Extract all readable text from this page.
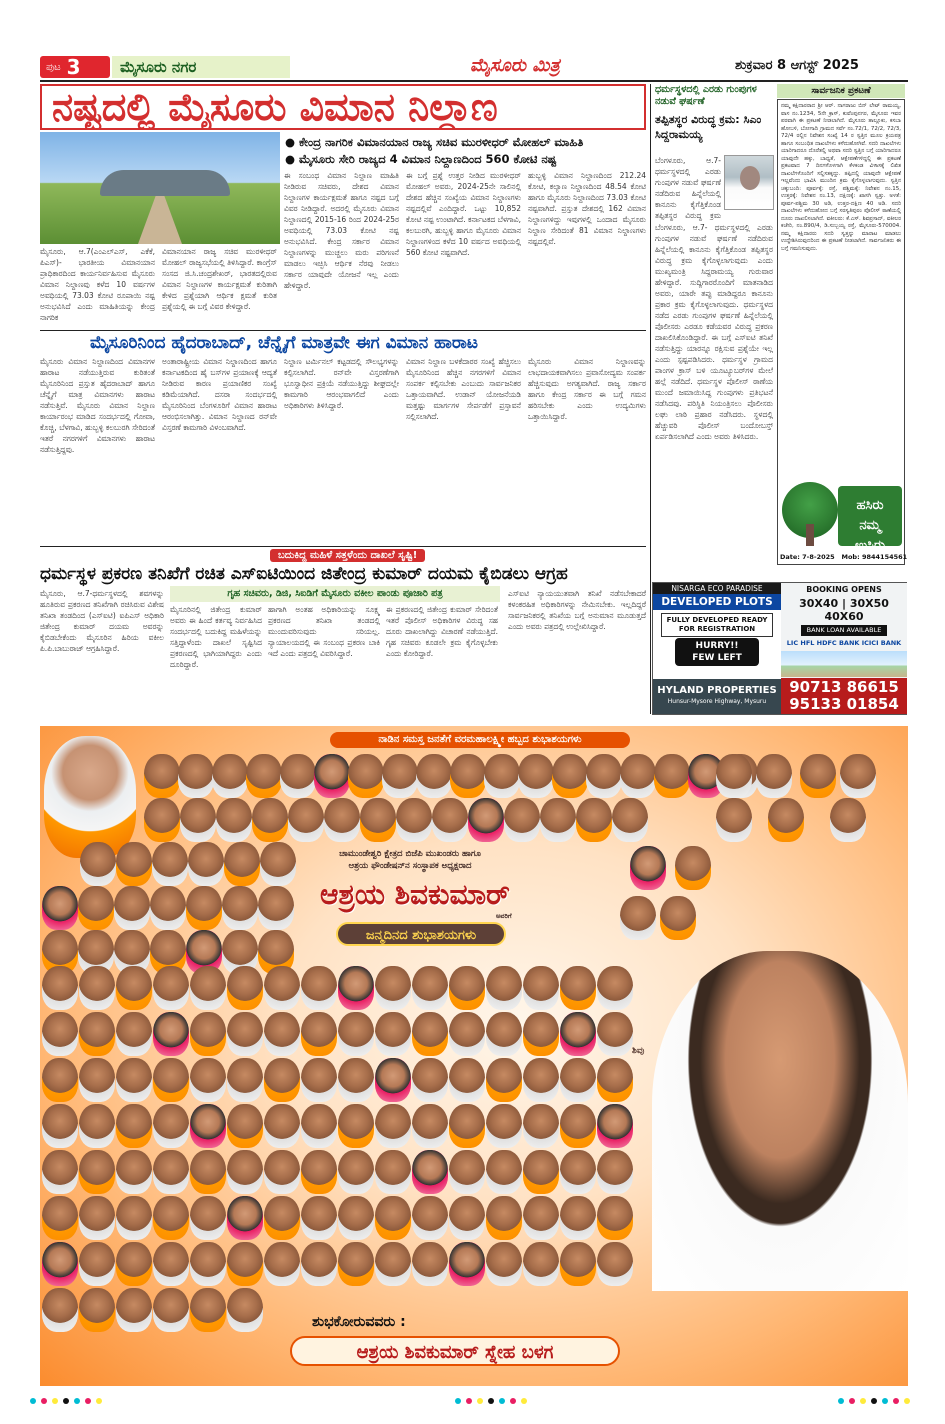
ಪುಟ 3	ಮೈಸೂರು ನಗರ	ಮೈಸೂರು ಮಿತ್ರ	ಶುಕ್ರವಾರ 8 ಆಗಸ್ಟ್ 2025
ನಷ್ಟದಲ್ಲಿ ಮೈಸೂರು ವಿಮಾನ ನಿಲ್ದಾಣ
● ಕೇಂದ್ರ ನಾಗರಿಕ ವಿಮಾನಯಾನ ರಾಜ್ಯ ಸಚಿವ ಮುರಳೀಧರ್ ಮೋಹಲ್ ಮಾಹಿತಿ
● ಮೈಸೂರು ಸೇರಿ ರಾಜ್ಯದ 4 ವಿಮಾನ ನಿಲ್ದಾಣದಿಂದ 560 ಕೋಟಿ ನಷ್ಟ
ಮೈಸೂರು, ಆ.7(ಎಂಎಲ್‌ಎಸ್, ಎಕೆಕೆ, ಪಿಎಸ್)- ಭಾರತೀಯ ವಿಮಾನಯಾನ ಪ್ರಾಧಿಕಾರದಿಂದ ಕಾರ್ಯನಿರ್ವಹಿಸುವ ಮೈಸೂರು ವಿಮಾನ ನಿಲ್ದಾಣವು ಕಳೆದ 10 ವರ್ಷಗಳ ಅವಧಿಯಲ್ಲಿ 73.03 ಕೋಟಿ ರೂಪಾಯಿ ನಷ್ಟ ಅನುಭವಿಸಿದೆ ಎಂದು ಮಾಹಿತಿಯನ್ನು ಕೇಂದ್ರ ನಾಗರಿಕ
ವಿಮಾನಯಾನ ರಾಜ್ಯ ಸಚಿವ ಮುರಳೀಧರ್ ಮೋಹಲ್ ರಾಜ್ಯಸಭೆಯಲ್ಲಿ ತಿಳಿಸಿದ್ದಾರೆ. ಕಾಂಗ್ರೆಸ್ ಸಂಸದ ಜಿ.ಸಿ.ಚಂದ್ರಶೇಖರ್, ಭಾರತದಲ್ಲಿರುವ ವಿಮಾನ ನಿಲ್ದಾಣಗಳ ಕಾರ್ಯಕ್ಷಮತೆ ಕುರಿತಾಗಿ ಕೇಳಿದ ಪ್ರಶ್ನೆಯಾಗಿ ಆರ್ಥಿಕ ಕ್ಷಮತೆ ಕುರಿತ ಪ್ರಶ್ನೆಯಲ್ಲಿ ಈ ಬಗ್ಗೆ ವಿವರ ಕೇಳಿದ್ದಾರೆ.
ಈ ಸಂಬಂಧ ವಿಮಾನ ನಿಲ್ದಾಣ ಮಾಹಿತಿ ನೀಡಿರುವ ಸಚಿವರು, ದೇಶದ ವಿಮಾನ ನಿಲ್ದಾಣಗಳ ಕಾರ್ಯಕ್ಷಮತೆ ಹಾಗೂ ನಷ್ಟದ ಬಗ್ಗೆ ವಿವರ ನೀಡಿದ್ದಾರೆ. ಅದರಲ್ಲಿ ಮೈಸೂರು ವಿಮಾನ ನಿಲ್ದಾಣದಲ್ಲಿ 2015-16 ರಿಂದ 2024-25ರ ಅವಧಿಯಲ್ಲಿ 73.03 ಕೋಟಿ ನಷ್ಟ ಅನುಭವಿಸಿದೆ. ಕೇಂದ್ರ ಸರ್ಕಾರ ವಿಮಾನ ನಿಲ್ದಾಣಗಳನ್ನು ಮುಚ್ಚಲು ಮರು ಪರಿಗಣನೆ ಮಾಡಲು ಇಚ್ಛಿಸಿ ಆರ್ಥಿಕ ನೆರವು ನೀಡಲು ಸರ್ಕಾರ ಯಾವುದೇ ಯೋಜನೆ ಇಲ್ಲ ಎಂದು ಹೇಳಿದ್ದಾರೆ.
ಈ ಬಗ್ಗೆ ಪ್ರಶ್ನೆ ಉತ್ತರ ನೀಡಿದ ಮುರಳೀಧರ್ ಮೋಹಲ್ ಅವರು, 2024-25ನೇ ಸಾಲಿನಲ್ಲಿ ದೇಶದ ಹೆಚ್ಚಿನ ಸಂಖ್ಯೆಯ ವಿಮಾನ ನಿಲ್ದಾಣಗಳು ನಷ್ಟದಲ್ಲಿವೆ ಎಂದಿದ್ದಾರೆ. ಒಟ್ಟು 10,852 ಕೋಟಿ ನಷ್ಟ ಉಂಟಾಗಿದೆ. ಕರ್ನಾಟಕದ ಬೆಳಗಾವಿ, ಕಲಬುರಗಿ, ಹುಬ್ಬಳ್ಳಿ ಹಾಗೂ ಮೈಸೂರು ವಿಮಾನ ನಿಲ್ದಾಣಗಳಿಂದ ಕಳೆದ 10 ವರ್ಷದ ಅವಧಿಯಲ್ಲಿ 560 ಕೋಟಿ ನಷ್ಟವಾಗಿದೆ.
ಹುಬ್ಬಳ್ಳಿ ವಿಮಾನ ನಿಲ್ದಾಣದಿಂದ 212.24 ಕೋಟಿ, ಕಲ್ಯಾಣ ನಿಲ್ದಾಣದಿಂದ 48.54 ಕೋಟಿ ಹಾಗೂ ಮೈಸೂರು ನಿಲ್ದಾಣದಿಂದ 73.03 ಕೋಟಿ ನಷ್ಟವಾಗಿದೆ. ಪ್ರಸ್ತುತ ದೇಶದಲ್ಲಿ 162 ವಿಮಾನ ನಿಲ್ದಾಣಗಳಿದ್ದು ಇವುಗಳಲ್ಲಿ ಒಂದಾದ ಮೈಸೂರು ನಿಲ್ದಾಣ ಸೇರಿದಂತೆ 81 ವಿಮಾನ ನಿಲ್ದಾಣಗಳು ನಷ್ಟದಲ್ಲಿವೆ.
ಮೈಸೂರಿನಿಂದ ಹೈದರಾಬಾದ್, ಚೆನ್ನೈಗೆ ಮಾತ್ರವೇ ಈಗ ವಿಮಾನ ಹಾರಾಟ
ಮೈಸೂರು ವಿಮಾನ ನಿಲ್ದಾಣದಿಂದ ವಿಮಾನಗಳ ಹಾರಾಟ ನಡೆಯುತ್ತಿರುವ ಕುರಿತಂತೆ ಮೈಸೂರಿನಿಂದ ಪ್ರಸ್ತುತ ಹೈದರಾಬಾದ್ ಹಾಗೂ ಚೆನ್ನೈಗೆ ಮಾತ್ರ ವಿಮಾನಗಳು ಹಾರಾಟ ನಡೆಸುತ್ತಿವೆ. ಮೈಸೂರು ವಿಮಾನ ನಿಲ್ದಾಣ ಕಾರ್ಯಾರಂಭ ಮಾಡಿದ ಸಂದರ್ಭದಲ್ಲಿ ಗೋವಾ, ಕೊಚ್ಚಿ, ಬೆಳಗಾವಿ, ಹುಬ್ಬಳ್ಳಿ ಕಲಬುರಗಿ ಸೇರಿದಂತೆ ಇತರೆ ನಗರಗಳಿಗೆ ವಿಮಾನಗಳು ಹಾರಾಟ ನಡೆಸುತ್ತಿದ್ದವು.
ಅಂತಾರಾಷ್ಟ್ರೀಯ ವಿಮಾನ ನಿಲ್ದಾಣದಿಂದ ಹಾಗೂ ಕರ್ನಾಟಕದಿಂದ ಹೈ ಬಸ್‌ಗಳ ಪ್ರಯಾಣಕ್ಕೆ ಆದ್ಯತೆ ನೀಡಿರುವ ಕಾರಣ ಪ್ರಯಾಣಿಕರ ಸಂಖ್ಯೆ ಕಡಿಮೆಯಾಗಿದೆ. ದಸರಾ ಸಂದರ್ಭದಲ್ಲಿ ಮೈಸೂರಿನಿಂದ ಬೆಂಗಳೂರಿಗೆ ವಿಮಾನ ಹಾರಾಟ ಆರಂಭಿಸಲಾಗಿತ್ತು. ವಿಮಾನ ನಿಲ್ದಾಣದ ರನ್‌ವೇ ವಿಸ್ತರಣೆ ಕಾಮಗಾರಿ ವಿಳಂಬವಾಗಿದೆ.
ನಿಲ್ದಾಣ ಟರ್ಮಿನಲ್ ಕಟ್ಟಡದಲ್ಲಿ ಸೌಲಭ್ಯಗಳನ್ನು ಕಲ್ಪಿಸಲಾಗಿದೆ. ರನ್‌ವೇ ವಿಸ್ತರಣೆಗಾಗಿ ಭೂಸ್ವಾಧೀನ ಪ್ರಕ್ರಿಯೆ ನಡೆಯುತ್ತಿದ್ದು ಶೀಘ್ರದಲ್ಲೇ ಕಾಮಗಾರಿ ಆರಂಭವಾಗಲಿದೆ ಎಂದು ಅಧಿಕಾರಿಗಳು ತಿಳಿಸಿದ್ದಾರೆ.
ವಿಮಾನ ನಿಲ್ದಾಣ ಬಳಕೆದಾರರ ಸಂಖ್ಯೆ ಹೆಚ್ಚಿಸಲು ಮೈಸೂರಿನಿಂದ ಹೆಚ್ಚಿನ ನಗರಗಳಿಗೆ ವಿಮಾನ ಸಂಪರ್ಕ ಕಲ್ಪಿಸಬೇಕು ಎಂಬುದು ಸಾರ್ವಜನಿಕರ ಒತ್ತಾಯವಾಗಿದೆ. ಉಡಾನ್ ಯೋಜನೆಯಡಿ ಮತ್ತಷ್ಟು ಮಾರ್ಗಗಳ ಸೇರ್ಪಡೆಗೆ ಪ್ರಸ್ತಾವನೆ ಸಲ್ಲಿಸಲಾಗಿದೆ.
ಮೈಸೂರು ವಿಮಾನ ನಿಲ್ದಾಣವನ್ನು ಲಾಭದಾಯಕವಾಗಿಸಲು ಪ್ರವಾಸೋದ್ಯಮ ಸಂಪರ್ಕ ಹೆಚ್ಚಿಸುವುದು ಅಗತ್ಯವಾಗಿದೆ. ರಾಜ್ಯ ಸರ್ಕಾರ ಹಾಗೂ ಕೇಂದ್ರ ಸರ್ಕಾರ ಈ ಬಗ್ಗೆ ಗಮನ ಹರಿಸಬೇಕು ಎಂದು ಉದ್ಯಮಿಗಳು ಒತ್ತಾಯಿಸಿದ್ದಾರೆ.
ಬದುಕಿದ್ದ ಮಹಿಳೆ ಸತ್ತಳೆಂದು ದಾಖಲೆ ಸೃಷ್ಟಿ!
ಧರ್ಮಸ್ಥಳ ಪ್ರಕರಣ ತನಿಖೆಗೆ ರಚಿತ ಎಸ್‌ಐಟಿಯಿಂದ ಜಿತೇಂದ್ರ ಕುಮಾರ್ ದಯಮ ಕೈಬಿಡಲು ಆಗ್ರಹ
ಗೃಹ ಸಚಿವರು, ಡಿಜಿ, ಸಿಐಡಿಗೆ ಮೈಸೂರು ವಕೀಲ ಪಾಂಡು ಪೂಜಾರಿ ಪತ್ರ
ಮೈಸೂರು, ಆ.7-ಧರ್ಮಸ್ಥಳದಲ್ಲಿ ಶವಗಳನ್ನು ಹೂತಿರುವ ಪ್ರಕರಣದ ತನಿಖೆಗಾಗಿ ರಚಿಸಿರುವ ವಿಶೇಷ ತನಿಖಾ ತಂಡದಿಂದ (ಎಸ್‌ಐಟಿ) ಐಪಿಎಸ್ ಅಧಿಕಾರಿ ಜಿತೇಂದ್ರ ಕುಮಾರ್ ದಯಮ ಅವರನ್ನು ಕೈಬಿಡಬೇಕೆಂದು ಮೈಸೂರಿನ ಹಿರಿಯ ವಕೀಲ ಪಿ.ಪಿ.ಬಾಬುರಾಜ್ ಆಗ್ರಹಿಸಿದ್ದಾರೆ.
ಮೈಸೂರಿನಲ್ಲಿ ಜಿತೇಂದ್ರ ಕುಮಾರ್ ಅವರು ಈ ಹಿಂದೆ ಕರ್ತವ್ಯ ನಿರ್ವಹಿಸಿದ ಸಂದರ್ಭದಲ್ಲಿ ಬದುಕಿದ್ದ ಮಹಿಳೆಯನ್ನು ಸತ್ತಿದ್ದಾಳೆಂದು ದಾಖಲೆ ಸೃಷ್ಟಿಸಿದ ಪ್ರಕರಣದಲ್ಲಿ ಭಾಗಿಯಾಗಿದ್ದರು ಎಂದು ದೂರಿದ್ದಾರೆ.
ಹಾಗಾಗಿ ಅಂತಹ ಅಧಿಕಾರಿಯನ್ನು ಸೂಕ್ಷ್ಮ ಪ್ರಕರಣದ ತನಿಖಾ ತಂಡದಲ್ಲಿ ಮುಂದುವರಿಸುವುದು ಸರಿಯಲ್ಲ. ನ್ಯಾಯಾಲಯದಲ್ಲಿ ಈ ಸಂಬಂಧ ಪ್ರಕರಣ ಬಾಕಿ ಇದೆ ಎಂದು ಪತ್ರದಲ್ಲಿ ವಿವರಿಸಿದ್ದಾರೆ.
ಈ ಪ್ರಕರಣದಲ್ಲಿ ಜಿತೇಂದ್ರ ಕುಮಾರ್ ಸೇರಿದಂತೆ ಇತರೆ ಪೊಲೀಸ್ ಅಧಿಕಾರಿಗಳ ವಿರುದ್ಧ ಸಹ ದೂರು ದಾಖಲಾಗಿದ್ದು ವಿಚಾರಣೆ ನಡೆಯುತ್ತಿದೆ. ಗೃಹ ಸಚಿವರು ಕೂಡಲೇ ಕ್ರಮ ಕೈಗೊಳ್ಳಬೇಕು ಎಂದು ಕೋರಿದ್ದಾರೆ.
ಎಸ್‌ಐಟಿ ನ್ಯಾಯಯುತವಾಗಿ ತನಿಖೆ ನಡೆಸಬೇಕಾದರೆ ಕಳಂಕರಹಿತ ಅಧಿಕಾರಿಗಳನ್ನು ನೇಮಿಸಬೇಕು. ಇಲ್ಲದಿದ್ದರೆ ಸಾರ್ವಜನಿಕರಲ್ಲಿ ತನಿಖೆಯ ಬಗ್ಗೆ ಅನುಮಾನ ಮೂಡುತ್ತದೆ ಎಂದು ಅವರು ಪತ್ರದಲ್ಲಿ ಉಲ್ಲೇಖಿಸಿದ್ದಾರೆ.
ಧರ್ಮಸ್ಥಳದಲ್ಲಿ ಎರಡು ಗುಂಪುಗಳ ನಡುವೆ ಘರ್ಷಣೆ
ತಪ್ಪಿತಸ್ಥರ ವಿರುದ್ಧ ಕ್ರಮ: ಸಿಎಂ ಸಿದ್ದರಾಮಯ್ಯ
ಬೆಂಗಳೂರು, ಆ.7- ಧರ್ಮಸ್ಥಳದಲ್ಲಿ ಎರಡು ಗುಂಪುಗಳ ನಡುವೆ ಘರ್ಷಣೆ ನಡೆದಿರುವ ಹಿನ್ನೆಲೆಯಲ್ಲಿ ಕಾನೂನು ಕೈಗೆತ್ತಿಕೊಂಡ ತಪ್ಪಿತಸ್ಥರ ವಿರುದ್ಧ ಕ್ರಮ
ಬೆಂಗಳೂರು, ಆ.7- ಧರ್ಮಸ್ಥಳದಲ್ಲಿ ಎರಡು ಗುಂಪುಗಳ ನಡುವೆ ಘರ್ಷಣೆ ನಡೆದಿರುವ ಹಿನ್ನೆಲೆಯಲ್ಲಿ ಕಾನೂನು ಕೈಗೆತ್ತಿಕೊಂಡ ತಪ್ಪಿತಸ್ಥರ ವಿರುದ್ಧ ಕ್ರಮ ಕೈಗೊಳ್ಳಲಾಗುವುದು ಎಂದು ಮುಖ್ಯಮಂತ್ರಿ ಸಿದ್ದರಾಮಯ್ಯ ಗುರುವಾರ ಹೇಳಿದ್ದಾರೆ. ಸುದ್ದಿಗಾರರೊಂದಿಗೆ ಮಾತನಾಡಿದ ಅವರು, ಯಾರೇ ತಪ್ಪು ಮಾಡಿದ್ದರೂ ಕಾನೂನು ಪ್ರಕಾರ ಕ್ರಮ ಕೈಗೊಳ್ಳಲಾಗುವುದು. ಧರ್ಮಸ್ಥಳದ ನಡೆದ ಎರಡು ಗುಂಪುಗಳ ಘರ್ಷಣೆ ಹಿನ್ನೆಲೆಯಲ್ಲಿ ಪೊಲೀಸರು ಎರಡೂ ಕಡೆಯವರ ವಿರುದ್ಧ ಪ್ರಕರಣ ದಾಖಲಿಸಿಕೊಂಡಿದ್ದಾರೆ. ಈ ಬಗ್ಗೆ ಎಸ್‌ಐಟಿ ತನಿಖೆ ನಡೆಸುತ್ತಿದ್ದು ಯಾರನ್ನೂ ರಕ್ಷಿಸುವ ಪ್ರಶ್ನೆಯೇ ಇಲ್ಲ ಎಂದು ಸ್ಪಷ್ಟಪಡಿಸಿದರು. ಧರ್ಮಸ್ಥಳ ಗ್ರಾಮದ ಪಾಂಗಳ ಕ್ರಾಸ್ ಬಳಿ ಯೂಟ್ಯೂಬರ್‌ಗಳ ಮೇಲೆ ಹಲ್ಲೆ ನಡೆದಿದೆ. ಧರ್ಮಸ್ಥಳ ಪೊಲೀಸ್ ಠಾಣೆಯ ಮುಂದೆ ಜಮಾಯಿಸಿದ್ದ ಗುಂಪುಗಳು ಪ್ರತಿಭಟನೆ ನಡೆಸಿದವು. ಪರಿಸ್ಥಿತಿ ನಿಯಂತ್ರಿಸಲು ಪೊಲೀಸರು ಲಘು ಲಾಠಿ ಪ್ರಹಾರ ನಡೆಸಿದರು. ಸ್ಥಳದಲ್ಲಿ ಹೆಚ್ಚುವರಿ ಪೊಲೀಸ್ ಬಂದೋಬಸ್ತ್ ಏರ್ಪಡಿಸಲಾಗಿದೆ ಎಂದು ಅವರು ತಿಳಿಸಿದರು.
ಸಾರ್ವಜನಿಕ ಪ್ರಕಟಣೆ
ನಮ್ಮ ಕಕ್ಷಿದಾರರಾದ ಶ್ರೀ ಆರ್. ನಾಗರಾಜು ಬಿನ್ ಲೇಟ್ ರಾಮಯ್ಯ, ವಾಸ ನಂ.1234, 5ನೇ ಕ್ರಾಸ್, ಕುವೆಂಪುನಗರ, ಮೈಸೂರು ಇವರ ಪರವಾಗಿ ಈ ಪ್ರಕಟಣೆ ನೀಡಲಾಗಿದೆ. ಮೈಸೂರು ತಾಲ್ಲೂಕು, ಕಸಬಾ ಹೋಬಳಿ, ಬೋಗಾದಿ ಗ್ರಾಮದ ಸರ್ವೆ ನಂ.72/1, 72/2, 72/3, 72/4 ರಲ್ಲಿನ ನಿವೇಶನ ಸಂಖ್ಯೆ 14 ರ ಸ್ವತ್ತಿನ ಮೂಲ ಕ್ರಯಪತ್ರ ಹಾಗೂ ಸಂಬಂಧಿತ ದಾಖಲೆಗಳು ಕಳೆದುಹೋಗಿವೆ. ಸದರಿ ದಾಖಲೆಗಳು ಯಾರಿಗಾದರೂ ದೊರೆತಲ್ಲಿ ಅಥವಾ ಸದರಿ ಸ್ವತ್ತಿನ ಬಗ್ಗೆ ಯಾರಿಗಾದರೂ ಯಾವುದೇ ಹಕ್ಕು, ಬಾಧ್ಯತೆ, ಆಕ್ಷೇಪಣೆಗಳಿದ್ದಲ್ಲಿ ಈ ಪ್ರಕಟಣೆ ಪ್ರಕಟವಾದ 7 ದಿನಗಳೊಳಗಾಗಿ ಕೆಳಕಂಡ ವಿಳಾಸಕ್ಕೆ ಲಿಖಿತ ದಾಖಲೆಗಳೊಂದಿಗೆ ಸಲ್ಲಿಸತಕ್ಕದ್ದು. ತಪ್ಪಿದಲ್ಲಿ ಯಾವುದೇ ಆಕ್ಷೇಪಣೆ ಇಲ್ಲವೆಂದು ಭಾವಿಸಿ ಮುಂದಿನ ಕ್ರಮ ಕೈಗೊಳ್ಳಲಾಗುವುದು. ಸ್ವತ್ತಿನ ಚಕ್ಕುಬಂದಿ: ಪೂರ್ವಕ್ಕೆ: ರಸ್ತೆ, ಪಶ್ಚಿಮಕ್ಕೆ: ನಿವೇಶನ ನಂ.15, ಉತ್ತರಕ್ಕೆ: ನಿವೇಶನ ನಂ.13, ದಕ್ಷಿಣಕ್ಕೆ: ಖಾಸಗಿ ಸ್ವತ್ತು. ಅಳತೆ: ಪೂರ್ವ-ಪಶ್ಚಿಮ 30 ಅಡಿ, ಉತ್ತರ-ದಕ್ಷಿಣ 40 ಅಡಿ. ಸದರಿ ದಾಖಲೆಗಳು ಕಳೆದುಹೋದ ಬಗ್ಗೆ ಸರಸ್ವತಿಪುರಂ ಪೊಲೀಸ್ ಠಾಣೆಯಲ್ಲಿ ದೂರು ದಾಖಲಿಸಲಾಗಿದೆ. ವಕೀಲರು: ಕೆ.ಎಸ್. ಶಿವಪ್ರಸಾದ್, ವಕೀಲರ ಕಚೇರಿ, ನಂ.890/4, ಡಿ.ಸುಬ್ಬಯ್ಯ ರಸ್ತೆ, ಮೈಸೂರು-570004. ನಮ್ಮ ಕಕ್ಷಿದಾರರು ಸದರಿ ಸ್ವತ್ತನ್ನು ಮಾರಾಟ ಮಾಡಲು ಉದ್ದೇಶಿಸಿರುವುದರಿಂದ ಈ ಪ್ರಕಟಣೆ ನೀಡಲಾಗಿದೆ. ಸಾರ್ವಜನಿಕರು ಈ ಬಗ್ಗೆ ಗಮನಿಸುವುದು.
Date: 7-8-2025 Mob: 9844154561
ಹಸಿರು
ನಮ್ಮ
ಉಸಿರು
NISARGA ECO PARADISE
DEVELOPED PLOTS
FULLY DEVELOPED READY FOR REGISTRATION
HURRY!!
FEW LEFT
HYLAND PROPERTIES
Hunsur-Mysore Highway, Mysuru
BOOKING OPENS
30X40 | 30X50
40X60
BANK LOAN AVAILABLE
LIC HFL HDFC BANK ICICI BANK
90713 86615
95133 01854
ನಾಡಿನ ಸಮಸ್ತ ಜನತೆಗೆ ವರಮಹಾಲಕ್ಷ್ಮೀ ಹಬ್ಬದ ಶುಭಾಶಯಗಳು
ಚಾಮುಂಡೇಶ್ವರಿ ಕ್ಷೇತ್ರದ ಬಿಜೆಪಿ ಮುಖಂಡರು ಹಾಗೂ
ಆಶ್ರಯ ಫೌಂಡೇಷನ್‌ನ ಸಂಸ್ಥಾಪಕ ಅಧ್ಯಕ್ಷರಾದ
ಆಶ್ರಯ ಶಿವಕುಮಾರ್
ಅವರಿಗೆ
ಜನ್ಮದಿನದ ಶುಭಾಶಯಗಳು
ಶಿವು
ಶುಭಕೋರುವವರು :
ಆಶ್ರಯ ಶಿವಕುಮಾರ್ ಸ್ನೇಹ ಬಳಗ
